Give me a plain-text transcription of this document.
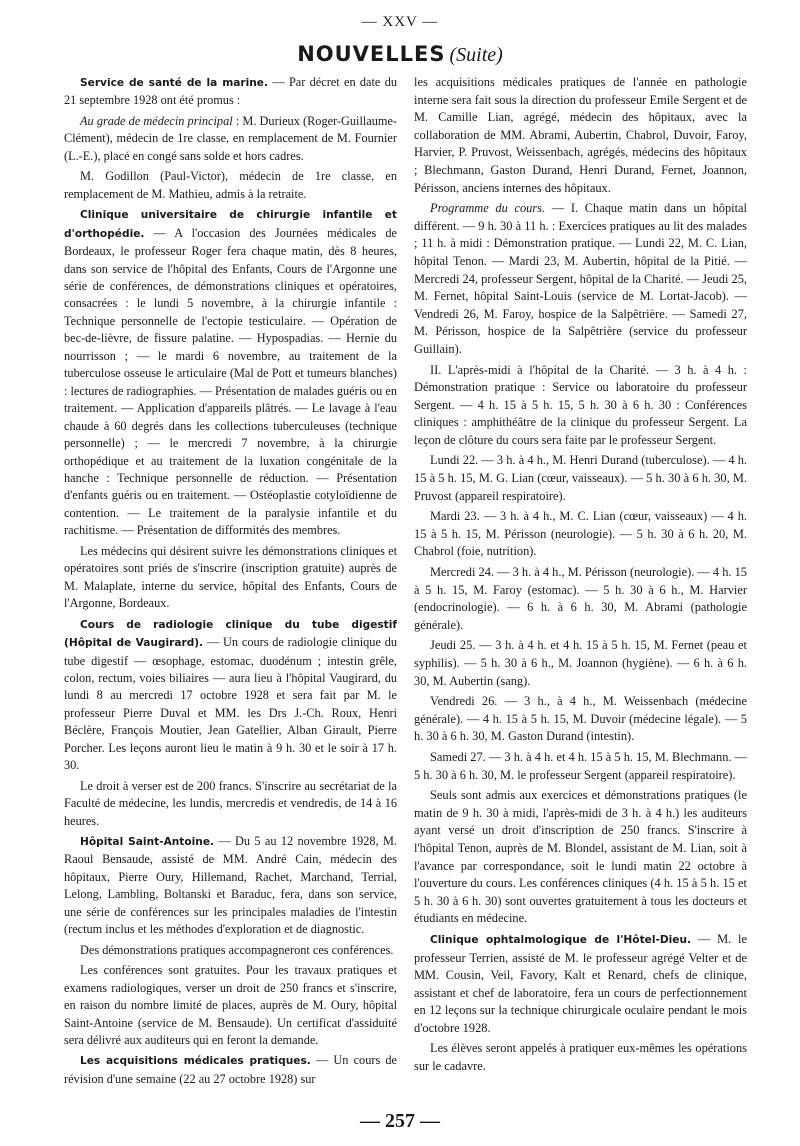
— XXV —
NOUVELLES (Suite)

Service de santé de la marine. — Par décret en date du 21 septembre 1928 ont été promus :

Au grade de médecin principal : M. Durieux (Roger-Guillaume-Clément), médecin de 1re classe, en remplacement de M. Fournier (L.-E.), placé en congé sans solde et hors cadres.

M. Godillon (Paul-Victor), médecin de 1re classe, en remplacement de M. Mathieu, admis à la retraite.

Clinique universitaire de chirurgie infantile et d'orthopédie. — A l'occasion des Journées médicales de Bordeaux, le professeur Roger fera chaque matin, dès 8 heures, dans son service de l'hôpital des Enfants, Cours de l'Argonne une série de conférences, de démonstrations cliniques et opératoires, consacrées : le lundi 5 novembre, à la chirurgie infantile : Technique personnelle de l'ectopie testiculaire. — Opération de bec-de-lièvre, de fissure palatine. — Hypospadias. — Hernie du nourrisson ; — le mardi 6 novembre, au traitement de la tuberculose osseuse le articulaire (Mal de Pott et tumeurs blanches) : lectures de radiographies. — Présentation de malades guéris ou en traitement. — Application d'appareils plâtrés. — Le lavage à l'eau chaude à 60 degrés dans les collections tuberculeuses (technique personnelle) ; — le mercredi 7 novembre, à la chirurgie orthopédique et au traitement de la luxation congénitale de la hanche : Technique personnelle de réduction. — Présentation d'enfants guéris ou en traitement. — Ostéoplastie cotyloïdienne de contention. — Le traitement de la paralysie infantile et du rachitisme. — Présentation de difformités des membres.

Les médecins qui désirent suivre les démonstrations cliniques et opératoires sont priés de s'inscrire (inscription gratuite) auprès de M. Malaplate, interne du service, hôpital des Enfants, Cours de l'Argonne, Bordeaux.

Cours de radiologie clinique du tube digestif (Hôpital de Vaugirard). — Un cours de radiologie clinique du tube digestif — œsophage, estomac, duodénum ; intestin grêle, colon, rectum, voies biliaires — aura lieu à l'hôpital Vaugirard, du lundi 8 au mercredi 17 octobre 1928 et sera fait par M. le professeur Pierre Duval et MM. les Drs J.-Ch. Roux, Henri Béclère, François Moutier, Jean Gatellier, Alban Girault, Pierre Porcher. Les leçons auront lieu le matin à 9 h. 30 et le soir à 17 h. 30.

Le droit à verser est de 200 francs. S'inscrire au secrétariat de la Faculté de médecine, les lundis, mercredis et vendredis, de 14 à 16 heures.

Hôpital Saint-Antoine. — Du 5 au 12 novembre 1928, M. Raoul Bensaude, assisté de MM. André Cain, médecin des hôpitaux, Pierre Oury, Hillemand, Rachet, Marchand, Terrial, Lelong, Lambling, Boltanski et Baraduc, fera, dans son service, une série de conférences sur les principales maladies de l'intestin (rectum inclus et les méthodes d'exploration et de diagnostic.

Des démonstrations pratiques accompagneront ces conférences.

Les conférences sont gratuites. Pour les travaux pratiques et examens radiologiques, verser un droit de 250 francs et s'inscrire, en raison du nombre limité de places, auprès de M. Oury, hôpital Saint-Antoine (service de M. Bensaude). Un certificat d'assiduité sera délivré aux auditeurs qui en feront la demande.

Les acquisitions médicales pratiques. — Un cours de révision d'une semaine (22 au 27 octobre 1928) sur

les acquisitions médicales pratiques de l'année en pathologie interne sera fait sous la direction du professeur Emile Sergent et de M. Camille Lian, agrégé, médecin des hôpitaux, avec la collaboration de MM. Abrami, Aubertin, Chabrol, Duvoir, Faroy, Harvier, P. Pruvost, Weissenbach, agrégés, médecins des hôpitaux ; Blechmann, Gaston Durand, Henri Durand, Fernet, Joannon, Périsson, anciens internes des hôpitaux.

Programme du cours. — I. Chaque matin dans un hôpital différent. — 9 h. 30 à 11 h. : Exercices pratiques au lit des malades ; 11 h. à midi : Démonstration pratique. — Lundi 22, M. C. Lian, hôpital Tenon. — Mardi 23, M. Aubertin, hôpital de la Pitié. — Mercredi 24, professeur Sergent, hôpital de la Charité. — Jeudi 25, M. Fernet, hôpital Saint-Louis (service de M. Lortat-Jacob). — Vendredi 26, M. Faroy, hospice de la Salpêtrière. — Samedi 27, M. Périsson, hospice de la Salpêtrière (service du professeur Guillain).

II. L'après-midi à l'hôpital de la Charité. — 3 h. à 4 h. : Démonstration pratique : Service ou laboratoire du professeur Sergent. — 4 h. 15 à 5 h. 15, 5 h. 30 à 6 h. 30 : Conférences cliniques : amphithéâtre de la clinique du professeur Sergent. La leçon de clôture du cours sera faite par le professeur Sergent.

Lundi 22. — 3 h. à 4 h., M. Henri Durand (tuberculose). — 4 h. 15 à 5 h. 15, M. G. Lian (cœur, vaisseaux). — 5 h. 30 à 6 h. 30, M. Pruvost (appareil respiratoire).

Mardi 23. — 3 h. à 4 h., M. C. Lian (cœur, vaisseaux) — 4 h. 15 à 5 h. 15, M. Périsson (neurologie). — 5 h. 30 à 6 h. 20, M. Chabrol (foie, nutrition).

Mercredi 24. — 3 h. à 4 h., M. Périsson (neurologie). — 4 h. 15 à 5 h. 15, M. Faroy (estomac). — 5 h. 30 à 6 h., M. Harvier (endocrinologie). — 6 h. à 6 h. 30, M. Abrami (pathologie générale).

Jeudi 25. — 3 h. à 4 h. et 4 h. 15 à 5 h. 15, M. Fernet (peau et syphilis). — 5 h. 30 à 6 h., M. Joannon (hygiène). — 6 h. à 6 h. 30, M. Aubertin (sang).

Vendredi 26. — 3 h., à 4 h., M. Weissenbach (médecine générale). — 4 h. 15 à 5 h. 15, M. Duvoir (médecine légale). — 5 h. 30 à 6 h. 30, M. Gaston Durand (intestin).

Samedi 27. — 3 h. à 4 h. et 4 h. 15 à 5 h. 15, M. Blechmann. — 5 h. 30 à 6 h. 30, M. le professeur Sergent (appareil respiratoire).

Seuls sont admis aux exercices et démonstrations pratiques (le matin de 9 h. 30 à midi, l'après-midi de 3 h. à 4 h.) les auditeurs ayant versé un droit d'inscription de 250 francs. S'inscrire à l'hôpital Tenon, auprès de M. Blondel, assistant de M. Lian, soit à l'avance par correspondance, soit le lundi matin 22 octobre à l'ouverture du cours. Les conférences cliniques (4 h. 15 à 5 h. 15 et 5 h. 30 à 6 h. 30) sont ouvertes gratuitement à tous les docteurs et étudiants en médecine.

Clinique ophtalmologique de l'Hôtel-Dieu. — M. le professeur Terrien, assisté de M. le professeur agrégé Velter et de MM. Cousin, Veil, Favory, Kalt et Renard, chefs de clinique, assistant et chef de laboratoire, fera un cours de perfectionnement en 12 leçons sur la technique chirurgicale oculaire pendant le mois d'octobre 1928.

Les élèves seront appelés à pratiquer eux-mêmes les opérations sur le cadavre.

— 257 —
